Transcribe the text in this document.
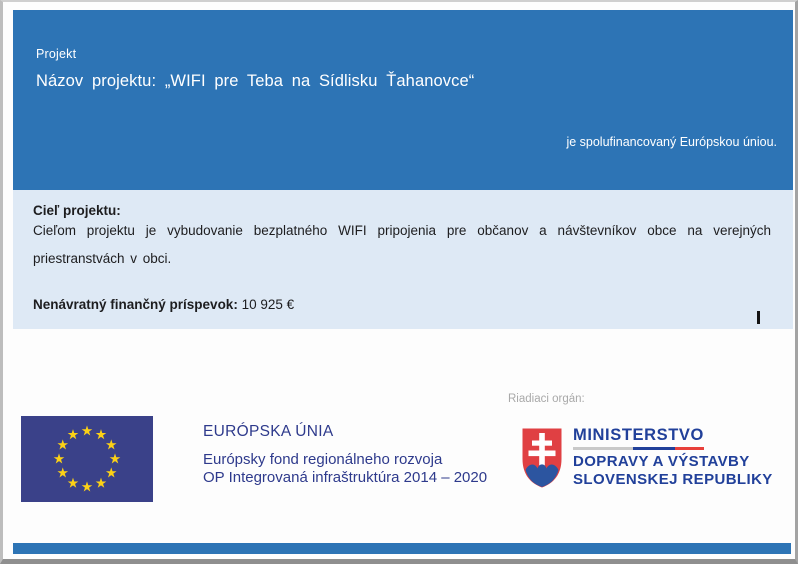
Projekt
Názov projektu: „WIFI pre Teba na Sídlisku Ťahanovce“
je spolufinancovaný Európskou úniou.
Cieľ projektu:

Cieľom projektu je vybudovanie bezplatného WIFI pripojenia pre občanov a návštevníkov obce na verejných priestranstvách v obci.

Nenávratný finančný príspevok: 10 925 €
EURÓPSKA ÚNIA
Európsky fond regionálneho rozvoja
OP Integrovaná infraštruktúra 2014 – 2020
Riadiaci orgán:
MINISTERSTVO
DOPRAVY A VÝSTAVBY
SLOVENSKEJ REPUBLIKY
